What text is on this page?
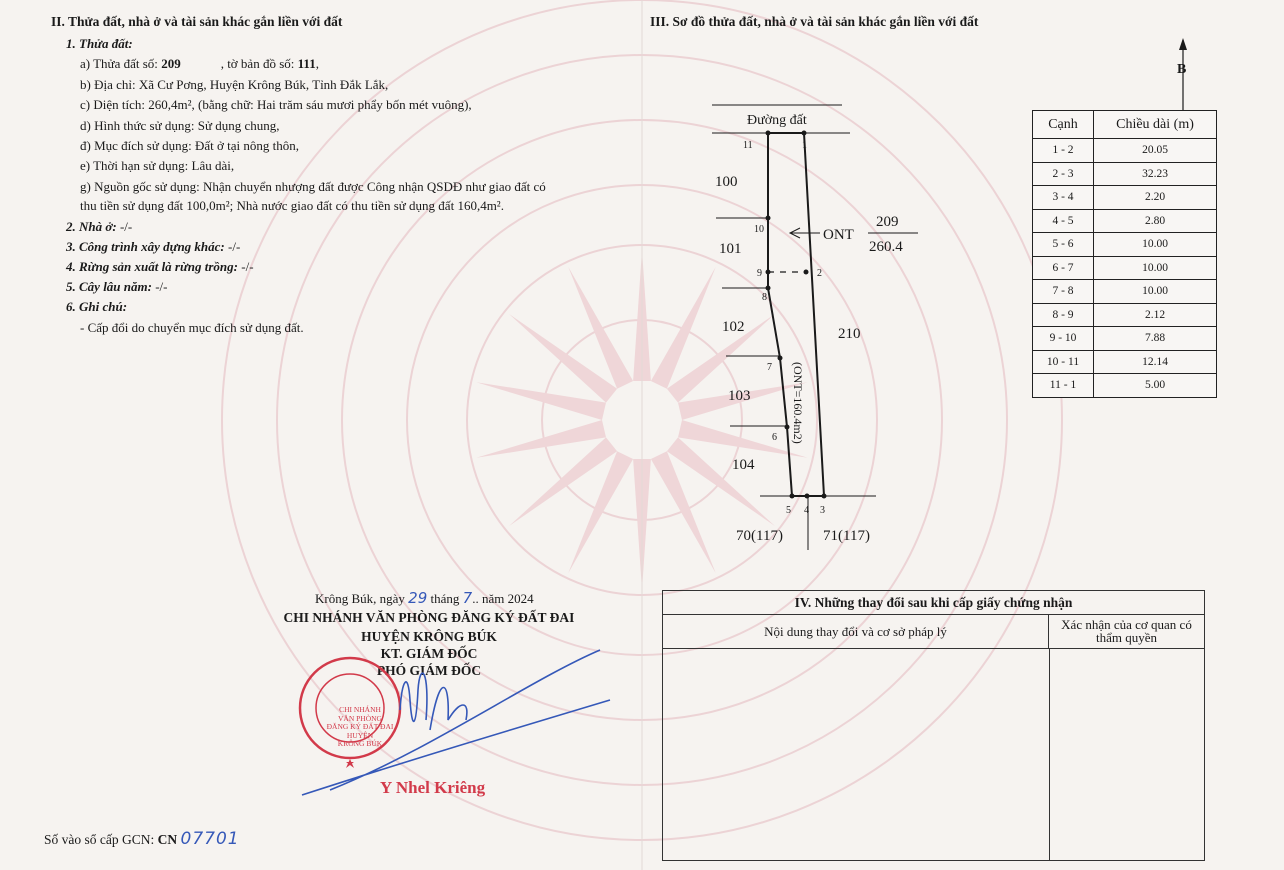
II. Thửa đất, nhà ở và tài sản khác gắn liền với đất
1. Thửa đất:
a) Thửa đất số: 209	, tờ bản đồ số: 111,
b) Địa chỉ: Xã Cư Pơng, Huyện Krông Búk, Tỉnh Đắk Lắk,
c) Diện tích: 260,4m², (bằng chữ: Hai trăm sáu mươi phẩy bốn mét vuông),
d) Hình thức sử dụng: Sử dụng chung,
đ) Mục đích sử dụng: Đất ở tại nông thôn,
e) Thời hạn sử dụng: Lâu dài,
g) Nguồn gốc sử dụng: Nhận chuyển nhượng đất được Công nhận QSDĐ như giao đất có
thu tiền sử dụng đất 100,0m²; Nhà nước giao đất có thu tiền sử dụng đất 160,4m².
2. Nhà ở: -/-
3. Công trình xây dựng khác: -/-
4. Rừng sản xuất là rừng trồng: -/-
5. Cây lâu năm: -/-
6. Ghi chú:
- Cấp đổi do chuyển mục đích sử dụng đất.
Krông Búk, ngày 29 tháng 7.. năm 2024
CHI NHÁNH VĂN PHÒNG ĐĂNG KÝ ĐẤT ĐAI
HUYỆN KRÔNG BÚK
KT. GIÁM ĐỐC
PHÓ GIÁM ĐỐC
CHI NHÁNH
VĂN PHÒNG
ĐĂNG KÝ ĐẤT ĐAI
HUYỆN
KRÔNG BÚK
Y Nhel Kriêng
Số vào sổ cấp GCN: CN 07701
III. Sơ đồ thửa đất, nhà ở và tài sản khác gắn liền với đất
B
Đường đất
1
2
3
4
5
6
7
8
9
10
11
ONT
209
260.4
(ONT=160.4m2)
100
101
102
103
104
210
70(117)	71(117)
Cạnh	Chiều dài (m)
1 - 2	20.05
2 - 3	32.23
3 - 4	2.20
4 - 5	2.80
5 - 6	10.00
6 - 7	10.00
7 - 8	10.00
8 - 9	2.12
9 - 10	7.88
10 - 11	12.14
11 - 1	5.00
IV. Những thay đổi sau khi cấp giấy chứng nhận
Nội dung thay đổi và cơ sở pháp lý	Xác nhận của cơ quan có thẩm quyền
